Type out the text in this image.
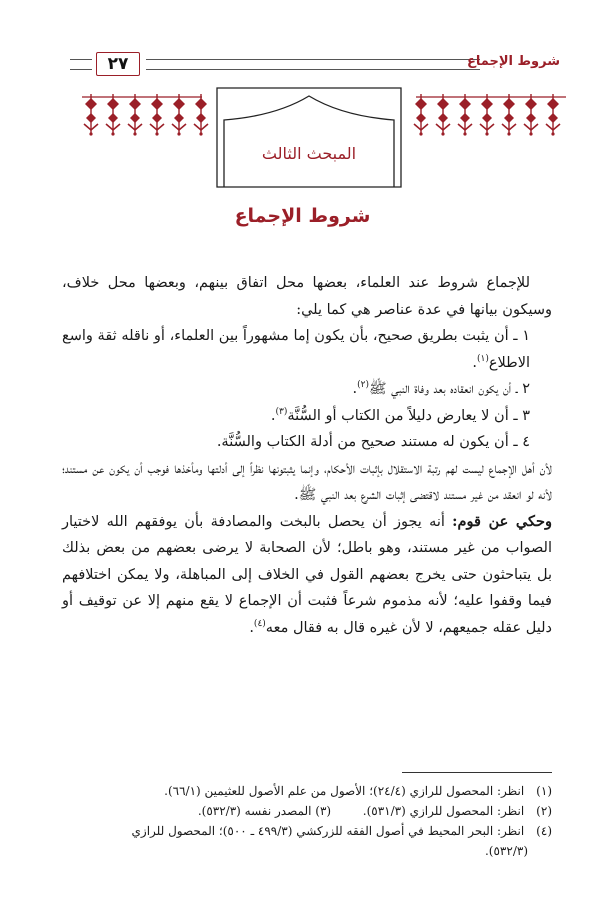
٢٧	شروط الإجماع
المبحث الثالث
شروط الإجماع

للإجماع شروط عند العلماء، بعضها محل اتفاق بينهم، وبعضها محل خلاف، وسيكون بيانها في عدة عناصر هي كما يلي:

١ ـ أن يثبت بطريق صحيح، بأن يكون إما مشهوراً بين العلماء، أو ناقله ثقة واسع الاطلاع$^{(١)}$.

٢ ـ أن يكون انعقاده بعد وفاة النبي ﷺ$^{(٢)}$.

٣ ـ أن لا يعارض دليلاً من الكتاب أو السُّنَّة$^{(٣)}$.

٤ ـ أن يكون له مستند صحيح من أدلة الكتاب والسُّنَّة.

لأن أهل الإجماع ليست لهم رتبة الاستقلال بإثبات الأحكام، وإنما يثبتونها نظراً إلى أدلتها ومأخذها فوجب أن يكون عن مستند؛ لأنه لو انعقد من غير مستند لاقتضى إثبات الشرع بعد النبي ﷺ.

وحكي عن قوم: أنه يجوز أن يحصل بالبخت والمصادفة بأن يوفقهم الله لاختيار الصواب من غير مستند، وهو باطل؛ لأن الصحابة لا يرضى بعضهم من بعض بذلك بل يتباحثون حتى يخرج بعضهم القول في الخلاف إلى المباهلة، ولا يمكن اختلافهم فيما وقفوا عليه؛ لأنه مذموم شرعاً فثبت أن الإجماع لا يقع منهم إلا عن توقيف أو دليل عقله جميعهم، لا لأن غيره قال به فقال معه$^{(٤)}$.

(١) انظر: المحصول للرازي (٢٤/٤)؛ الأصول من علم الأصول للعثيمين (٦٦/١).
(٢) انظر: المحصول للرازي (٥٣١/٣).  (٣) المصدر نفسه (٥٣٢/٣).
(٤) انظر: البحر المحيط في أصول الفقه للزركشي (٤٩٩/٣ ـ ٥٠٠)؛ المحصول للرازي
(٥٣٢/٣).
